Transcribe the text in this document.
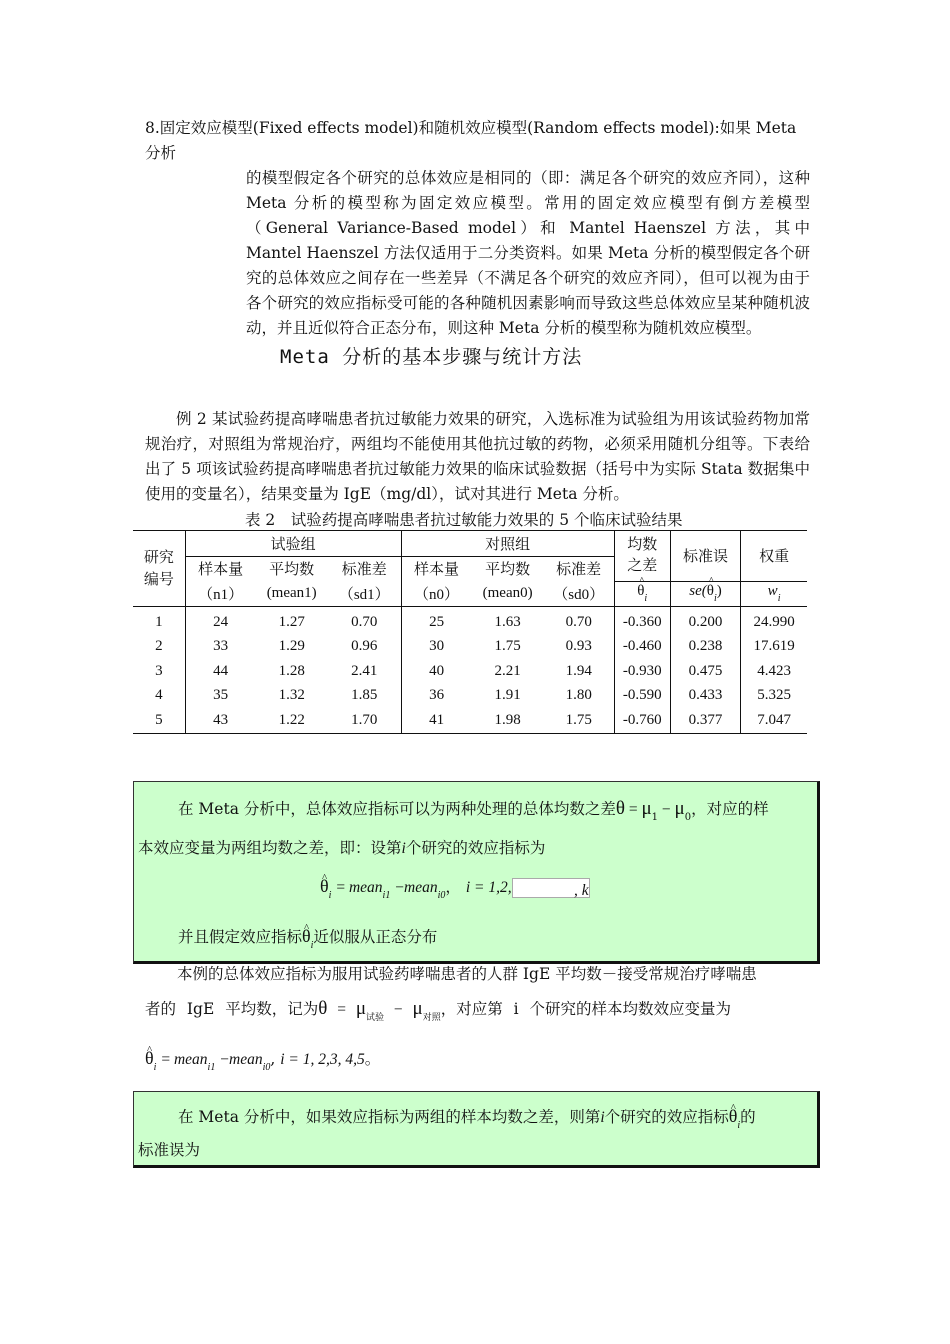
8.固定效应模型(Fixed effects model)和随机效应模型(Random effects model):如果 Meta 分析
的模型假定各个研究的总体效应是相同的（即：满足各个研究的效应齐同），这种 Meta 分析的模型称为固定效应模型。常用的固定效应模型有倒方差模型（General Variance-Based model）和 Mantel Haenszel 方法，其中 Mantel Haenszel 方法仅适用于二分类资料。如果 Meta 分析的模型假定各个研究的总体效应之间存在一些差异（不满足各个研究的效应齐同），但可以视为由于各个研究的效应指标受可能的各种随机因素影响而导致这些总体效应呈某种随机波动，并且近似符合正态分布，则这种 Meta 分析的模型称为随机效应模型。
Meta 分析的基本步骤与统计方法
例 2 某试验药提高哮喘患者抗过敏能力效果的研究，入选标准为试验组为用该试验药物加常规治疗，对照组为常规治疗，两组均不能使用其他抗过敏的药物，必须采用随机分组等。下表给出了 5 项该试验药提高哮喘患者抗过敏能力效果的临床试验数据（括号中为实际 Stata 数据集中使用的变量名），结果变量为 IgE（mg/dl），试对其进行 Meta 分析。
表 2　试验药提高哮喘患者抗过敏能力效果的 5 个临床试验结果
研究编号	试验组			对照组			均数之差	标准误	权重
	样本量	平均数	标准差	样本量	平均数	标准差			
	（n1）	(mean1)	（sd1）	（n0）	(mean0)	（sd0）	^ $\theta_i$	se(^ $\theta_i$)	$w_i$
1	24	1.27	0.70	25	1.63	0.70	-0.360	0.200	24.990
2	33	1.29	0.96	30	1.75	0.93	-0.460	0.238	17.619
3	44	1.28	2.41	40	2.21	1.94	-0.930	0.475	4.423
4	35	1.32	1.85	36	1.91	1.80	-0.590	0.433	5.325
5	43	1.22	1.70	41	1.98	1.75	-0.760	0.377	7.047
在 Meta 分析中，总体效应指标可以为两种处理的总体均数之差$\theta = \mu_1 - \mu_0$，对应的样
本效应变量为两组均数之差，即：设第i个研究的效应指标为
^ $\theta_i$ = mean$_{i1}$ −mean$_{i0}$， i = 1,2,	, k
并且假定效应指标^ $\theta_i$近似服从正态分布
本例的总体效应指标为服用试验药哮喘患者的人群 IgE 平均数－接受常规治疗哮喘患
者的 IgE 平均数，记为$\theta = \mu_{试验} - \mu_{对照}$，对应第 i 个研究的样本均数效应变量为
^ $\theta_i$ = mean$_{i1}$ −mean$_{i0}$, i = 1, 2,3, 4,5。
在 Meta 分析中，如果效应指标为两组的样本均数之差，则第i个研究的效应指标^ $\theta_i$的
标准误为
